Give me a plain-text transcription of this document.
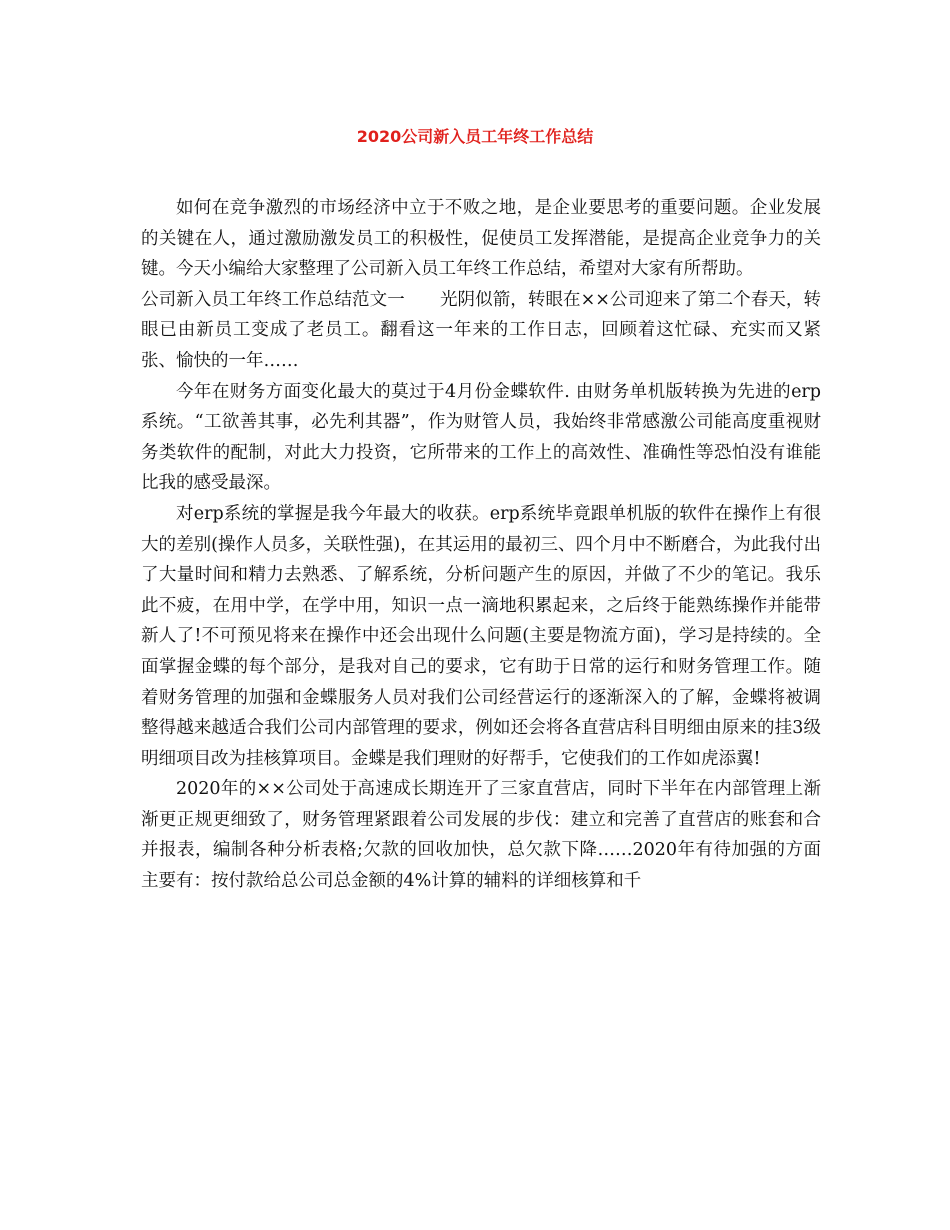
2020公司新入员工年终工作总结

如何在竞争激烈的市场经济中立于不败之地，是企业要思考的重要问题。企业发展的关键在人，通过激励激发员工的积极性，促使员工发挥潜能，是提高企业竞争力的关键。今天小编给大家整理了公司新入员工年终工作总结，希望对大家有所帮助。

公司新入员工年终工作总结范文一　　光阴似箭，转眼在××公司迎来了第二个春天，转眼已由新员工变成了老员工。翻看这一年来的工作日志，回顾着这忙碌、充实而又紧张、愉快的一年……

今年在财务方面变化最大的莫过于4月份金蝶软件. 由财务单机版转换为先进的erp系统。“工欲善其事，必先利其器”，作为财管人员，我始终非常感激公司能高度重视财务类软件的配制，对此大力投资，它所带来的工作上的高效性、准确性等恐怕没有谁能比我的感受最深。

对erp系统的掌握是我今年最大的收获。erp系统毕竟跟单机版的软件在操作上有很大的差别(操作人员多，关联性强)，在其运用的最初三、四个月中不断磨合，为此我付出了大量时间和精力去熟悉、了解系统，分析问题产生的原因，并做了不少的笔记。我乐此不疲，在用中学，在学中用，知识一点一滴地积累起来，之后终于能熟练操作并能带新人了!不可预见将来在操作中还会出现什么问题(主要是物流方面)，学习是持续的。全面掌握金蝶的每个部分，是我对自己的要求，它有助于日常的运行和财务管理工作。随着财务管理的加强和金蝶服务人员对我们公司经营运行的逐渐深入的了解，金蝶将被调整得越来越适合我们公司内部管理的要求，例如还会将各直营店科目明细由原来的挂3级明细项目改为挂核算项目。金蝶是我们理财的好帮手，它使我们的工作如虎添翼!

2020年的××公司处于高速成长期连开了三家直营店，同时下半年在内部管理上渐渐更正规更细致了，财务管理紧跟着公司发展的步伐：建立和完善了直营店的账套和合并报表，编制各种分析表格;欠款的回收加快，总欠款下降……2020年有待加强的方面主要有：按付款给总公司总金额的4%计算的辅料的详细核算和千
